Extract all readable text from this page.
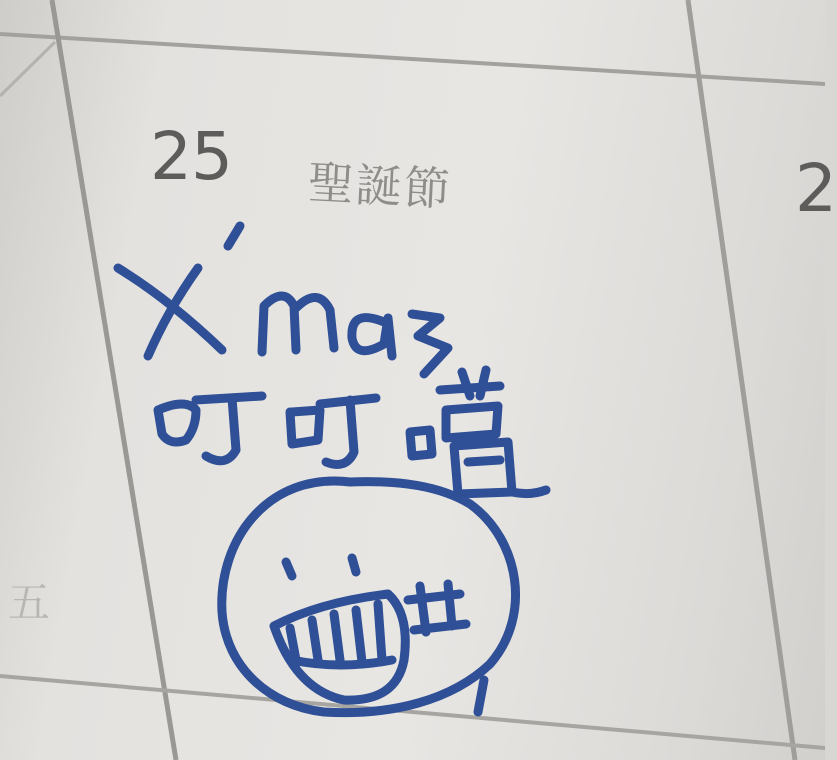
25 聖誕節
五
2
